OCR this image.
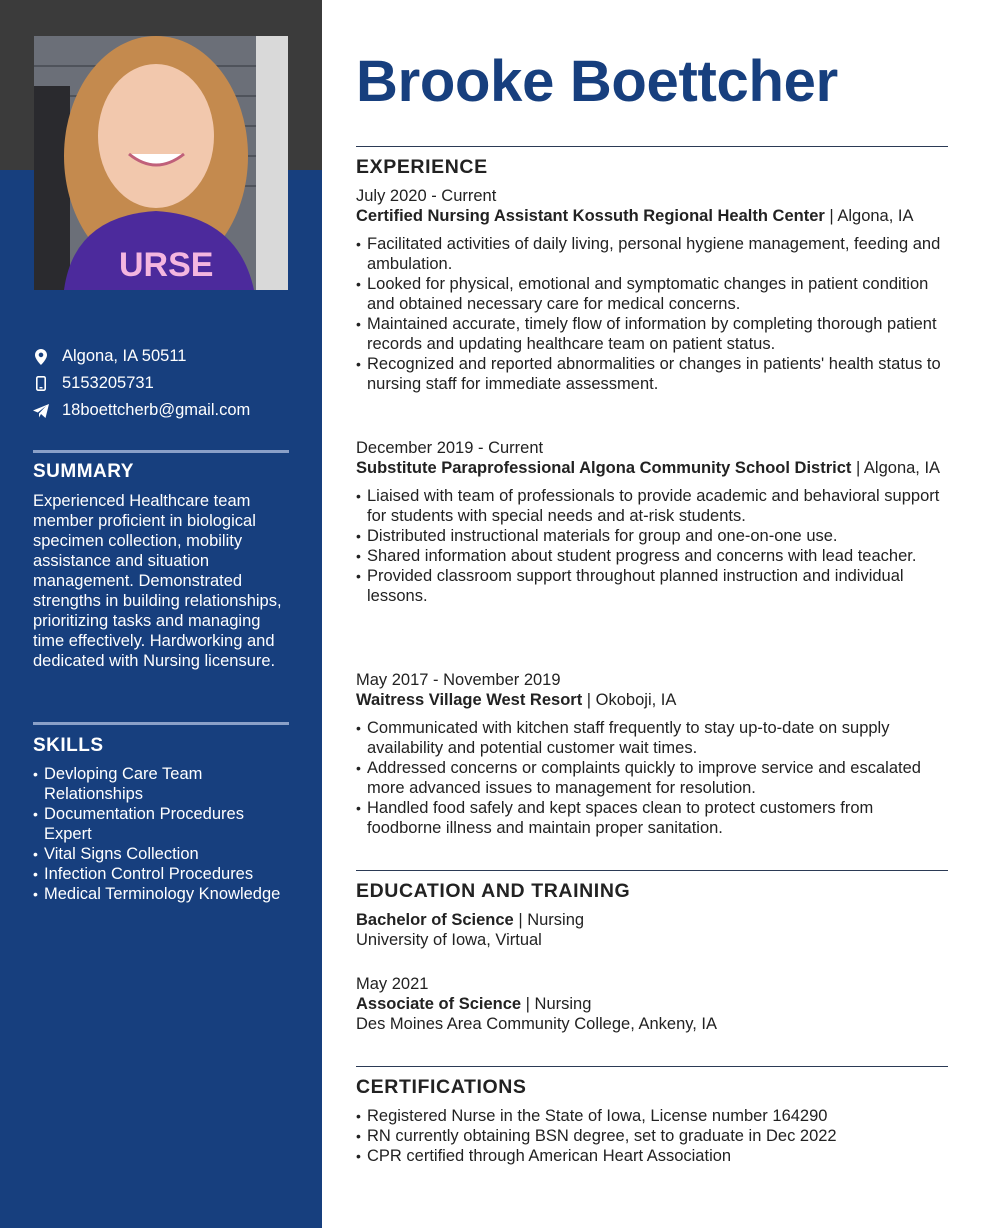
URSE
Algona, IA 50511
5153205731
18boettcherb@gmail.com
SUMMARY
Experienced Healthcare team member proficient in biological specimen collection, mobility assistance and situation management. Demonstrated strengths in building relationships, prioritizing tasks and managing time effectively. Hardworking and dedicated with Nursing licensure.
SKILLS
• Devloping Care Team Relationships
• Documentation Procedures Expert
• Vital Signs Collection
• Infection Control Procedures
• Medical Terminology Knowledge
Brooke Boettcher
EXPERIENCE
July 2020 - Current
Certified Nursing Assistant Kossuth Regional Health Center | Algona, IA
• Facilitated activities of daily living, personal hygiene management, feeding and ambulation.
• Looked for physical, emotional and symptomatic changes in patient condition and obtained necessary care for medical concerns.
• Maintained accurate, timely flow of information by completing thorough patient records and updating healthcare team on patient status.
• Recognized and reported abnormalities or changes in patients' health status to nursing staff for immediate assessment.
December 2019 - Current
Substitute Paraprofessional Algona Community School District | Algona, IA
• Liaised with team of professionals to provide academic and behavioral support for students with special needs and at-risk students.
• Distributed instructional materials for group and one-on-one use.
• Shared information about student progress and concerns with lead teacher.
• Provided classroom support throughout planned instruction and individual lessons.
May 2017 - November 2019
Waitress Village West Resort | Okoboji, IA
• Communicated with kitchen staff frequently to stay up-to-date on supply availability and potential customer wait times.
• Addressed concerns or complaints quickly to improve service and escalated more advanced issues to management for resolution.
• Handled food safely and kept spaces clean to protect customers from foodborne illness and maintain proper sanitation.
EDUCATION AND TRAINING
Bachelor of Science | Nursing
University of Iowa, Virtual
May 2021
Associate of Science | Nursing
Des Moines Area Community College, Ankeny, IA
CERTIFICATIONS
• Registered Nurse in the State of Iowa, License number 164290
• RN currently obtaining BSN degree, set to graduate in Dec 2022
• CPR certified through American Heart Association
